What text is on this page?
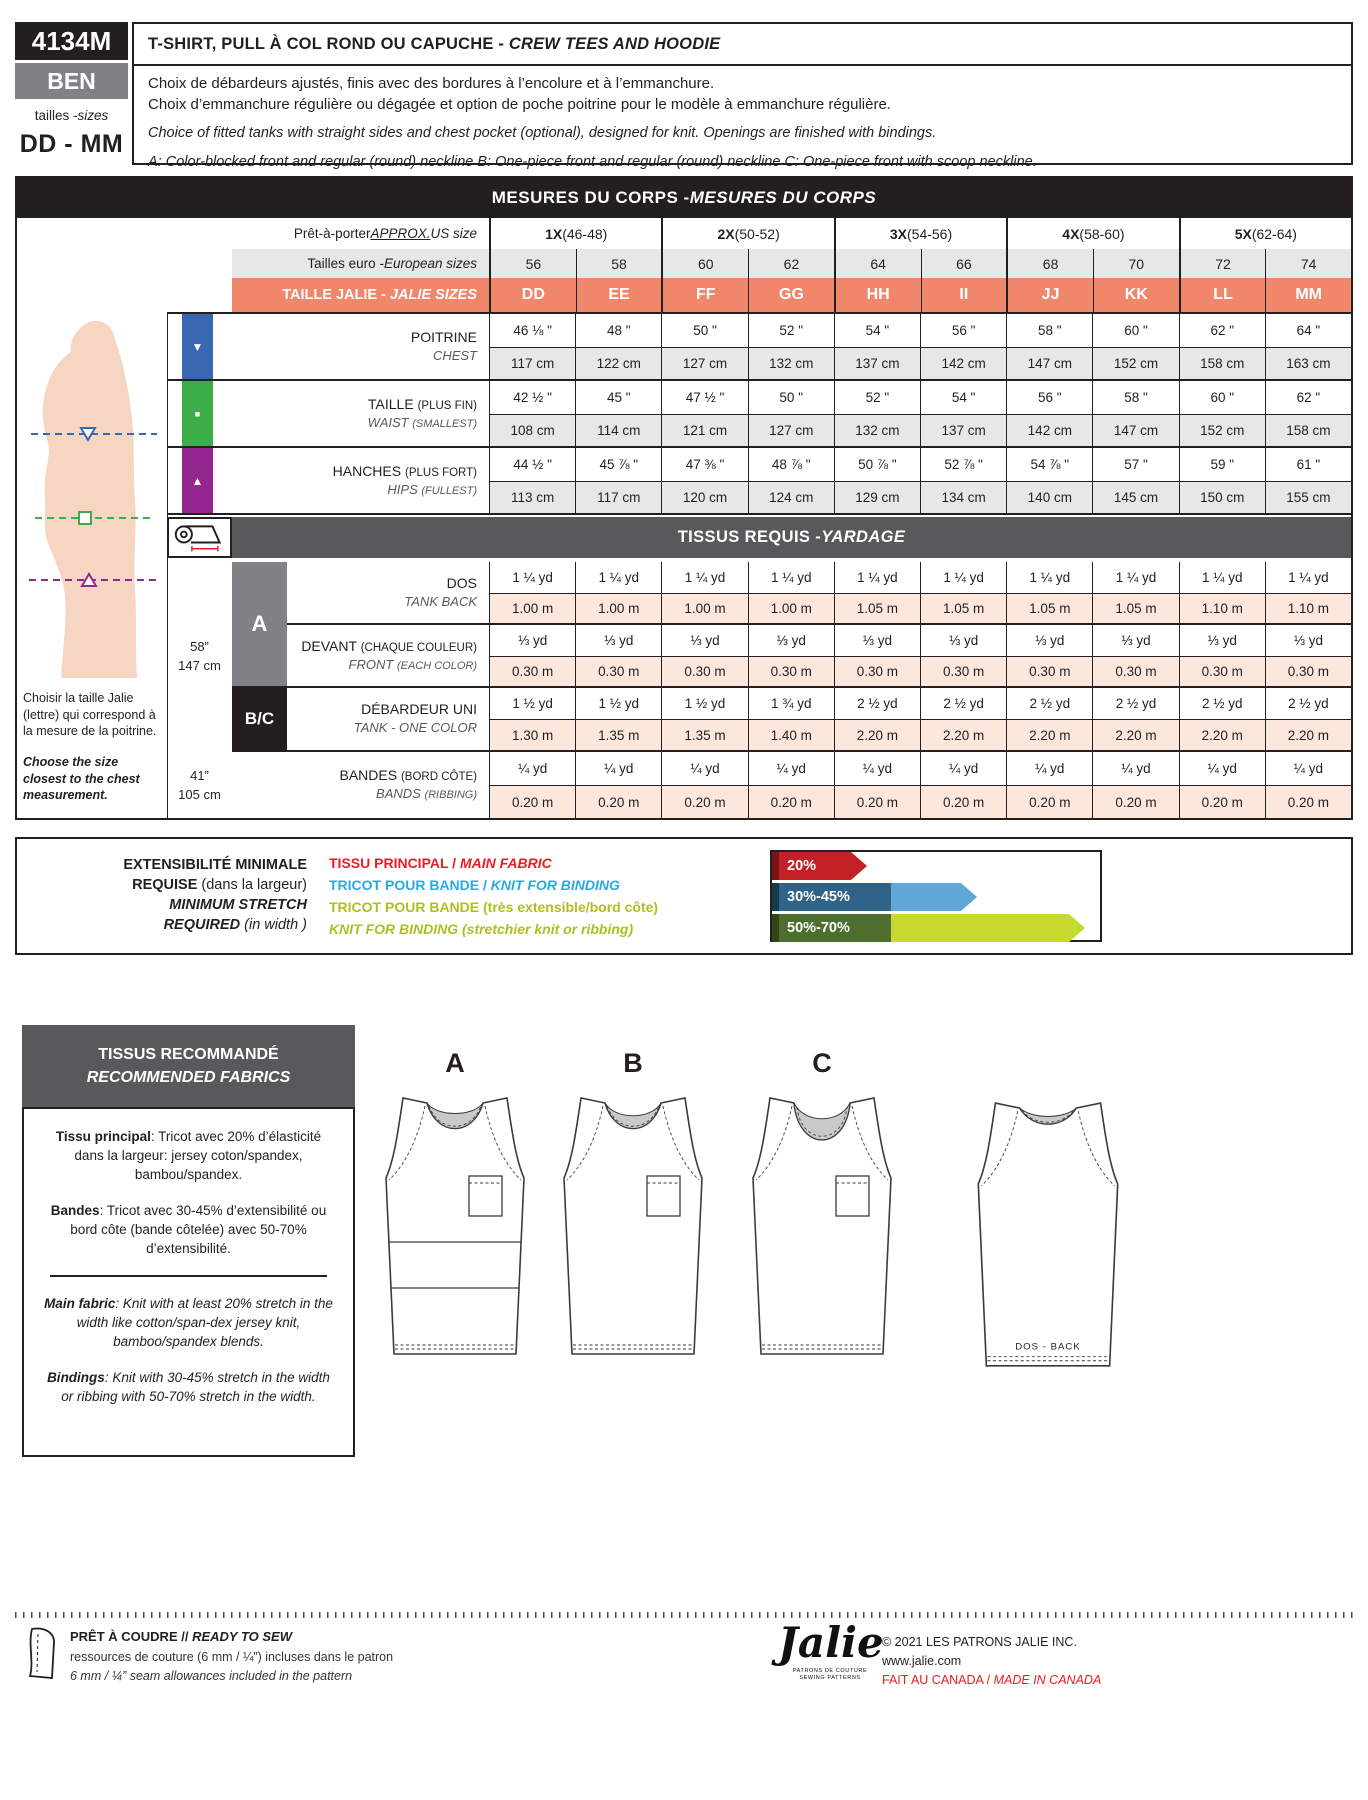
4134M
BEN
tailles - sizes
DD - MM
T-SHIRT, PULL À COL ROND OU CAPUCHE - CREW TEES AND HOODIE
Choix de débardeurs ajustés, finis avec des bordures à l’encolure et à l’emmanchure.
Choix d’emmanchure régulière ou dégagée et option de poche poitrine pour le modèle à emmanchure régulière.
Choice of fitted tanks with straight sides and chest pocket (optional), designed for knit. Openings are finished with bindings.
A: Color-blocked front and regular (round) neckline B: One-piece front and regular (round) neckline C: One-piece front with scoop neckline.
MESURES DU CORPS - MESURES DU CORPS
Prêt-à-porter APPROX. US size	1X (46-48)	2X (50-52)	3X (54-56)	4X (58-60)	5X (62-64)
Tailles euro - European sizes	56	58	60	62	64	66	68	70	72	74
TAILLE JALIE -
JALIE SIZES	DD	EE	FF	GG	HH	II	JJ	KK	LL	MM
▼
POITRINE
CHEST
46 ⅛ "	48 "	50 "	52 "	54 "	56 "	58 "	60 "	62 "	64 "
117 cm	122 cm	127 cm	132 cm	137 cm	142 cm	147 cm	152 cm	158 cm	163 cm
■
TAILLE (PLUS FIN)
WAIST (SMALLEST)
42 ½ "	45 "	47 ½ "	50 "	52 "	54 "	56 "	58 "	60 "	62 "
108 cm	114 cm	121 cm	127 cm	132 cm	137 cm	142 cm	147 cm	152 cm	158 cm
▲
HANCHES (PLUS FORT)
HIPS (FULLEST)
44 ½ "	45 ⅞ "	47 ⅜ "	48 ⅞ "	50 ⅞ "	52 ⅞ "	54 ⅞ "	57 "	59 "	61 "
113 cm	117 cm	120 cm	124 cm	129 cm	134 cm	140 cm	145 cm	150 cm	155 cm
TISSUS REQUIS - YARDAGE
DOS
TANK BACK
1 ¼ yd	1 ¼ yd	1 ¼ yd	1 ¼ yd	1 ¼ yd	1 ¼ yd	1 ¼ yd	1 ¼ yd	1 ¼ yd	1 ¼ yd
1.00 m	1.00 m	1.00 m	1.00 m	1.05 m	1.05 m	1.05 m	1.05 m	1.10 m	1.10 m
DEVANT (CHAQUE COULEUR)
FRONT (EACH COLOR)
⅓ yd	⅓ yd	⅓ yd	⅓ yd	⅓ yd	⅓ yd	⅓ yd	⅓ yd	⅓ yd	⅓ yd
0.30 m	0.30 m	0.30 m	0.30 m	0.30 m	0.30 m	0.30 m	0.30 m	0.30 m	0.30 m
DÉBARDEUR UNI
TANK - ONE COLOR
1 ½ yd	1 ½ yd	1 ½ yd	1 ¾ yd	2 ½ yd	2 ½ yd	2 ½ yd	2 ½ yd	2 ½ yd	2 ½ yd
1.30 m	1.35 m	1.35 m	1.40 m	2.20 m	2.20 m	2.20 m	2.20 m	2.20 m	2.20 m
BANDES (BORD CÔTE)
BANDS (RIBBING)
¼ yd	¼ yd	¼ yd	¼ yd	¼ yd	¼ yd	¼ yd	¼ yd	¼ yd	¼ yd
0.20 m	0.20 m	0.20 m	0.20 m	0.20 m	0.20 m	0.20 m	0.20 m	0.20 m	0.20 m
A
B/C
58”
147 cm
41”
105 cm
Choisir la taille Jalie (lettre) qui correspond à la mesure de la poitrine.
Choose the size closest to the chest measurement.
EXTENSIBILITÉ MINIMALE
REQUISE (dans la largeur)
MINIMUM STRETCH
REQUIRED (in width )
TISSU PRINCIPAL / MAIN FABRIC
TRICOT POUR BANDE / KNIT FOR BINDING
TRICOT POUR BANDE (très extensible/bord côte)
KNIT FOR BINDING (stretchier knit or ribbing)
20%
30%-45%
50%-70%
TISSUS RECOMMANDÉ
RECOMMENDED FABRICS

Tissu principal: Tricot avec 20% d’élasticité dans la largeur: jersey coton/spandex, bambou/spandex.

Bandes: Tricot avec 30-45% d’extensibilité ou bord côte (bande côtelée) avec 50-70% d’extensibilité.

Main fabric: Knit with at least 20% stretch in the width like cotton/span-dex jersey knit, bamboo/spandex blends.

Bindings: Knit with 30-45% stretch in the width or ribbing with 50-70% stretch in the width.

A	B	C
DOS - BACK
PRÊT À COUDRE // READY TO SEW
ressources de couture (6 mm / ¼”) incluses dans le patron
6 mm / ¼” seam allowances included in the pattern
Jalie
PATRONS DE COUTURE
SEWING PATTERNS
© 2021 LES PATRONS JALIE INC.
www.jalie.com
FAIT AU CANADA / MADE IN CANADA
